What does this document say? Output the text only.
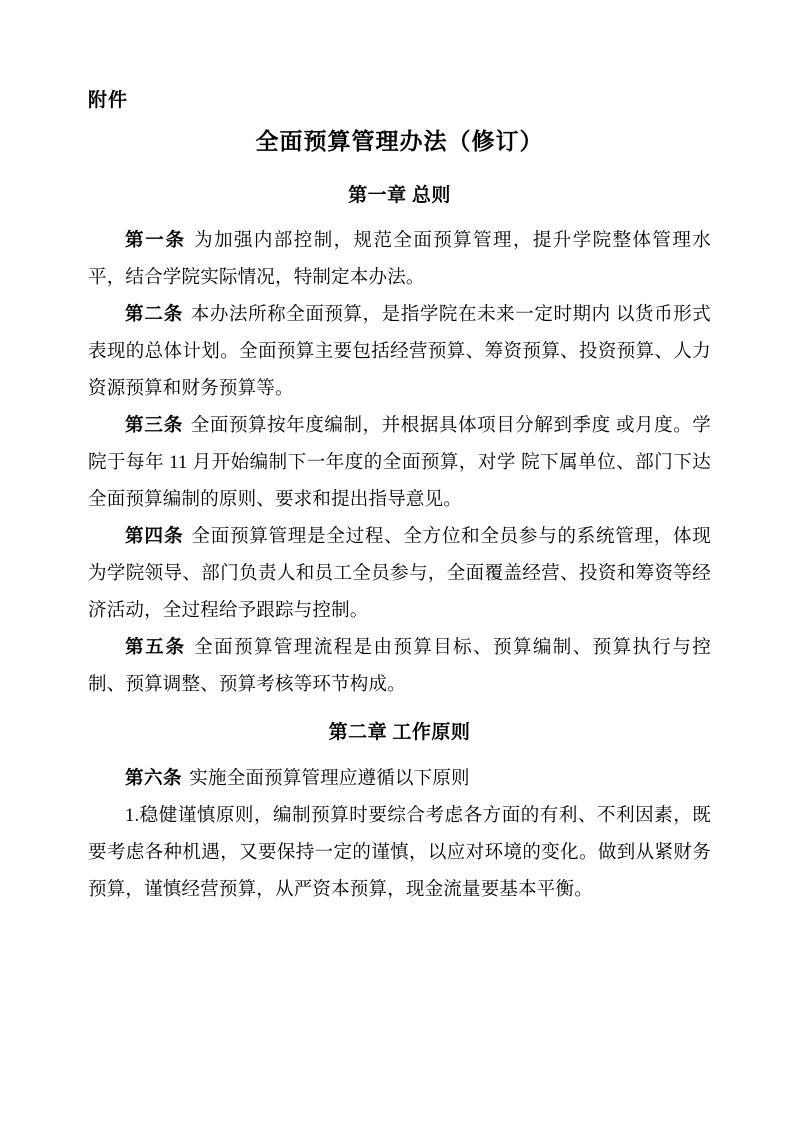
附件
全面预算管理办法（修订）
第一章 总则

第一条 为加强内部控制，规范全面预算管理，提升学院整体管理水平，结合学院实际情况，特制定本办法。

第二条 本办法所称全面预算，是指学院在未来一定时期内 以货币形式表现的总体计划。全面预算主要包括经营预算、筹资预算、投资预算、人力资源预算和财务预算等。

第三条 全面预算按年度编制，并根据具体项目分解到季度 或月度。学院于每年 11 月开始编制下一年度的全面预算，对学 院下属单位、部门下达全面预算编制的原则、要求和提出指导意见。

第四条 全面预算管理是全过程、全方位和全员参与的系统管理，体现为学院领导、部门负责人和员工全员参与，全面覆盖经营、投资和筹资等经济活动，全过程给予跟踪与控制。

第五条 全面预算管理流程是由预算目标、预算编制、预算执行与控制、预算调整、预算考核等环节构成。

第二章 工作原则

第六条 实施全面预算管理应遵循以下原则

1.稳健谨慎原则，编制预算时要综合考虑各方面的有利、不利因素，既要考虑各种机遇，又要保持一定的谨慎，以应对环境的变化。做到从紧财务预算，谨慎经营预算，从严资本预算，现金流量要基本平衡。
